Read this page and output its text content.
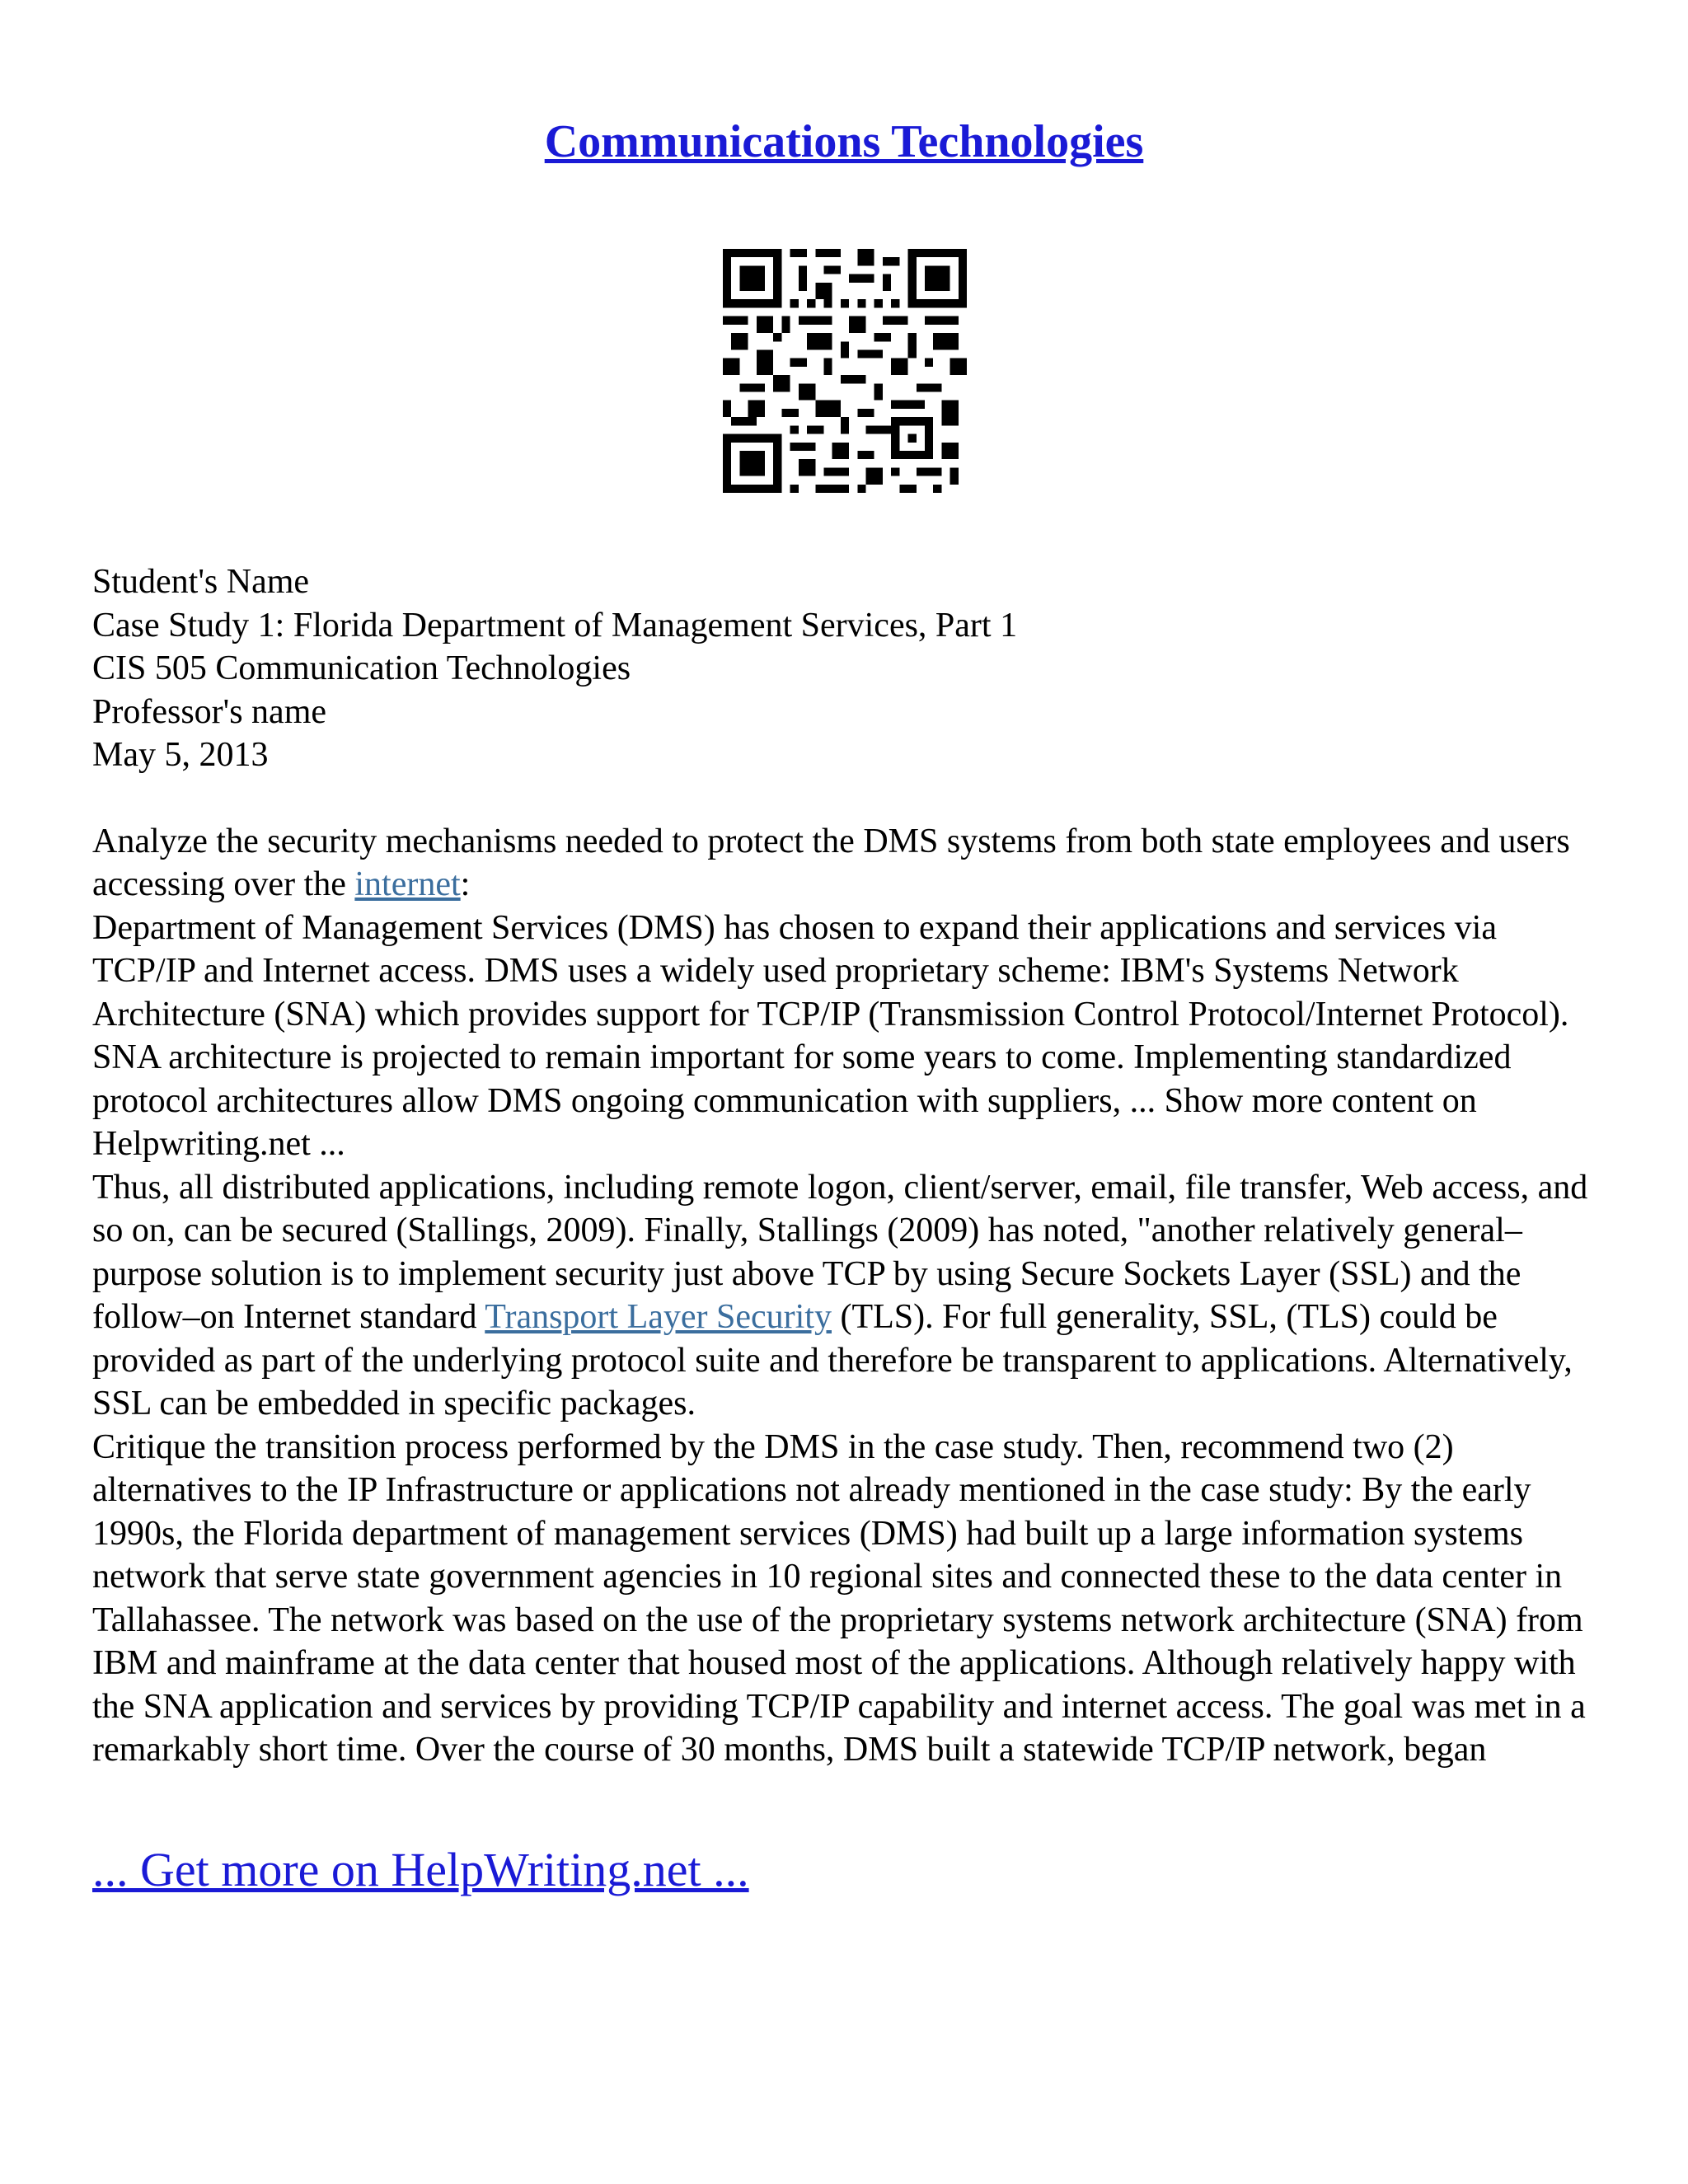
Communications Technologies

Student's Name

Case Study 1: Florida Department of Management Services, Part 1

CIS 505 Communication Technologies

Professor's name

May 5, 2013

Analyze the security mechanisms needed to protect the DMS systems from both state employees and users accessing over the internet:

Department of Management Services (DMS) has chosen to expand their applications and services via TCP/IP and Internet access. DMS uses a widely used proprietary scheme: IBM's Systems Network Architecture (SNA) which provides support for TCP/IP (Transmission Control Protocol/Internet Protocol). SNA architecture is projected to remain important for some years to come. Implementing standardized protocol architectures allow DMS ongoing communication with suppliers, ... Show more content on Helpwriting.net ...

Thus, all distributed applications, including remote logon, client/server, email, file transfer, Web access, and so on, can be secured (Stallings, 2009). Finally, Stallings (2009) has noted, "another relatively general–purpose solution is to implement security just above TCP by using Secure Sockets Layer (SSL) and the follow–on Internet standard Transport Layer Security (TLS). For full generality, SSL, (TLS) could be provided as part of the underlying protocol suite and therefore be transparent to applications. Alternatively, SSL can be embedded in specific packages.

Critique the transition process performed by the DMS in the case study. Then, recommend two (2) alternatives to the IP Infrastructure or applications not already mentioned in the case study: By the early 1990s, the Florida department of management services (DMS) had built up a large information systems network that serve state government agencies in 10 regional sites and connected these to the data center in Tallahassee. The network was based on the use of the proprietary systems network architecture (SNA) from IBM and mainframe at the data center that housed most of the applications. Although relatively happy with the SNA application and services by providing TCP/IP capability and internet access. The goal was met in a remarkably short time. Over the course of 30 months, DMS built a statewide TCP/IP network, began

... Get more on HelpWriting.net ...
